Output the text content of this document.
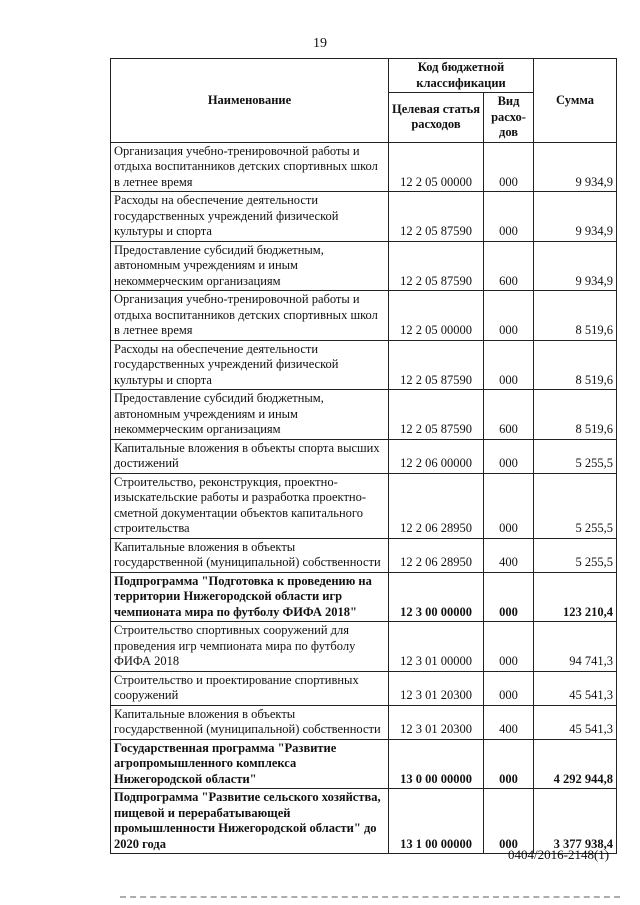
19
Наименование	Код бюджетной классификации		Сумма
	Целевая статья расходов	Вид расхо-дов	
Организация учебно-тренировочной работы и отдыха воспитанников детских спортивных школ в летнее время	12 2 05 00000	000	9 934,9
Расходы на обеспечение деятельности государственных учреждений физической культуры и спорта	12 2 05 87590	000	9 934,9
Предоставление субсидий бюджетным, автономным учреждениям и иным некоммерческим организациям	12 2 05 87590	600	9 934,9
Организация учебно-тренировочной работы и отдыха воспитанников детских спортивных школ в летнее время	12 2 05 00000	000	8 519,6
Расходы на обеспечение деятельности государственных учреждений физической культуры и спорта	12 2 05 87590	000	8 519,6
Предоставление субсидий бюджетным, автономным учреждениям и иным некоммерческим организациям	12 2 05 87590	600	8 519,6
Капитальные вложения в объекты спорта высших достижений	12 2 06 00000	000	5 255,5
Строительство, реконструкция, проектно-изыскательские работы и разработка проектно-сметной документации объектов капитального строительства	12 2 06 28950	000	5 255,5
Капитальные вложения в объекты государственной (муниципальной) собственности	12 2 06 28950	400	5 255,5
Подпрограмма "Подготовка к проведению на территории Нижегородской области игр чемпионата мира по футболу ФИФА 2018"	12 3 00 00000	000	123 210,4
Строительство спортивных сооружений для проведения игр чемпионата мира по футболу ФИФА 2018	12 3 01 00000	000	94 741,3
Строительство и проектирование спортивных сооружений	12 3 01 20300	000	45 541,3
Капитальные вложения в объекты государственной (муниципальной) собственности	12 3 01 20300	400	45 541,3
Государственная программа "Развитие агропромышленного комплекса Нижегородской области"	13 0 00 00000	000	4 292 944,8
Подпрограмма "Развитие сельского хозяйства, пищевой и перерабатывающей промышленности Нижегородской области" до 2020 года	13 1 00 00000	000	3 377 938,4
0404/2016-2148(1)
